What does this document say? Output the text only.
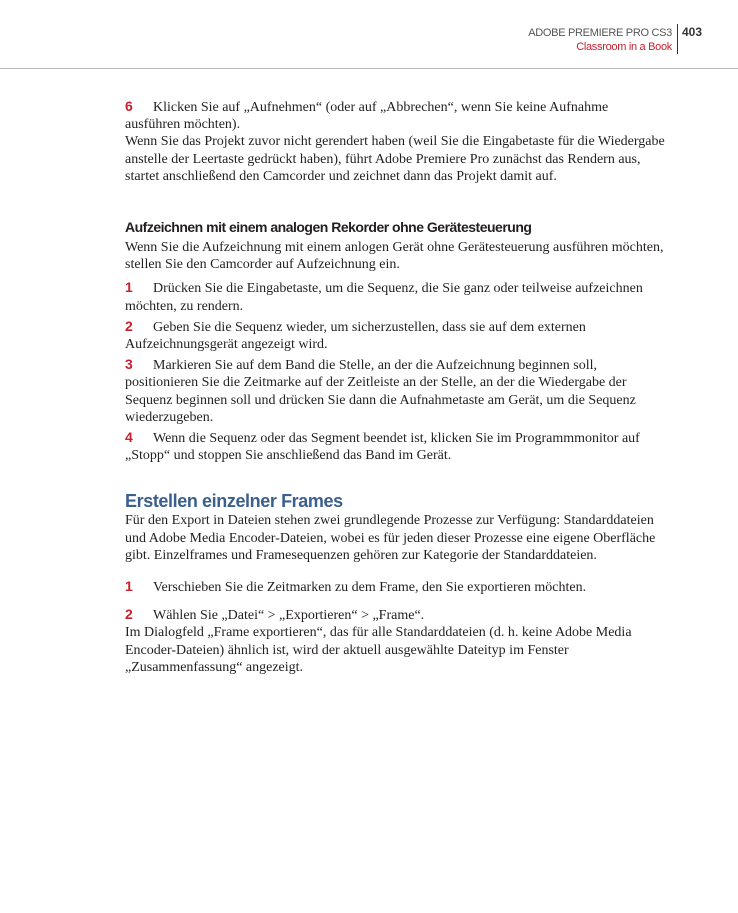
ADOBE PREMIERE PRO CS3
Classroom in a Book
403

6 Klicken Sie auf „Aufnehmen“ (oder auf „Abbrechen“, wenn Sie keine Aufnahme ausführen möchten).

Wenn Sie das Projekt zuvor nicht gerendert haben (weil Sie die Eingabetaste für die Wiedergabe anstelle der Leertaste gedrückt haben), führt Adobe Premiere Pro zunächst das Rendern aus, startet anschließend den Camcorder und zeichnet dann das Projekt damit auf.

Aufzeichnen mit einem analogen Rekorder ohne Gerätesteuerung

Wenn Sie die Aufzeichnung mit einem anlogen Gerät ohne Gerätesteuerung ausführen möchten, stellen Sie den Camcorder auf Aufzeichnung ein.

1 Drücken Sie die Eingabetaste, um die Sequenz, die Sie ganz oder teilweise aufzeichnen möchten, zu rendern.

2 Geben Sie die Sequenz wieder, um sicherzustellen, dass sie auf dem externen Aufzeichnungsgerät angezeigt wird.

3 Markieren Sie auf dem Band die Stelle, an der die Aufzeichnung beginnen soll, positionieren Sie die Zeitmarke auf der Zeitleiste an der Stelle, an der die Wiedergabe der Sequenz beginnen soll und drücken Sie dann die Aufnahmetaste am Gerät, um die Sequenz wiederzugeben.

4 Wenn die Sequenz oder das Segment beendet ist, klicken Sie im Programmmonitor auf „Stopp“ und stoppen Sie anschließend das Band im Gerät.

Erstellen einzelner Frames

Für den Export in Dateien stehen zwei grundlegende Prozesse zur Verfügung: Standarddateien und Adobe Media Encoder-Dateien, wobei es für jeden dieser Prozesse eine eigene Oberfläche gibt. Einzelframes und Framesequenzen gehören zur Kategorie der Standarddateien.

1 Verschieben Sie die Zeitmarken zu dem Frame, den Sie exportieren möchten.

2 Wählen Sie „Datei“ > „Exportieren“ > „Frame“.

Im Dialogfeld „Frame exportieren“, das für alle Standarddateien (d. h. keine Adobe Media Encoder-Dateien) ähnlich ist, wird der aktuell ausgewählte Dateityp im Fenster „Zusammenfassung“ angezeigt.
